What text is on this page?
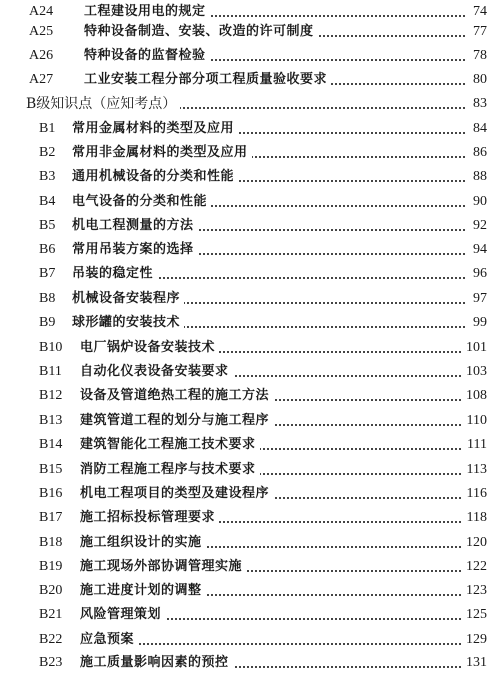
A24 工程建设用电的规定	74
A25 特种设备制造、安装、改造的许可制度	77
A26 特种设备的监督检验	78
A27 工业安装工程分部分项工程质量验收要求	80
B级知识点（应知考点）	83
B1 常用金属材料的类型及应用	84
B2 常用非金属材料的类型及应用	86
B3 通用机械设备的分类和性能	88
B4 电气设备的分类和性能	90
B5 机电工程测量的方法	92
B6 常用吊装方案的选择	94
B7 吊装的稳定性	96
B8 机械设备安装程序	97
B9 球形罐的安装技术	99
B10 电厂锅炉设备安装技术	101
B11 自动化仪表设备安装要求	103
B12 设备及管道绝热工程的施工方法	108
B13 建筑管道工程的划分与施工程序	110
B14 建筑智能化工程施工技术要求	111
B15 消防工程施工程序与技术要求	113
B16 机电工程项目的类型及建设程序	116
B17 施工招标投标管理要求	118
B18 施工组织设计的实施	120
B19 施工现场外部协调管理实施	122
B20 施工进度计划的调整	123
B21 风险管理策划	125
B22 应急预案	129
B23 施工质量影响因素的预控	131
